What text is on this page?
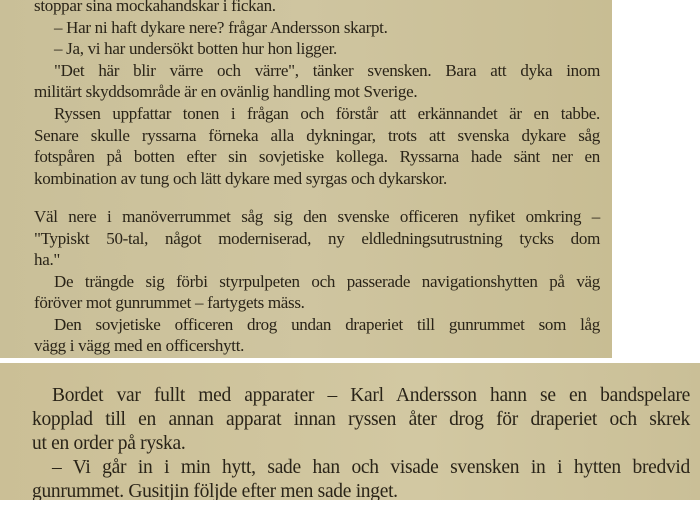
stoppar sina mockahandskar i fickan.
– Har ni haft dykare nere? frågar Andersson skarpt.
– Ja, vi har undersökt botten hur hon ligger.
"Det här blir värre och värre", tänker svensken. Bara att dyka inom
militärt skyddsområde är en ovänlig handling mot Sverige.
Ryssen uppfattar tonen i frågan och förstår att erkännandet är en tabbe.
Senare skulle ryssarna förneka alla dykningar, trots att svenska dykare såg
fotspåren på botten efter sin sovjetiske kollega. Ryssarna hade sänt ner en
kombination av tung och lätt dykare med syrgas och dykarskor.
Väl nere i manöverrummet såg sig den svenske officeren nyfiket omkring –
"Typiskt 50-tal, något moderniserad, ny eldledningsutrustning tycks dom
ha."
De trängde sig förbi styrpulpeten och passerade navigationshytten på väg
föröver mot gunrummet – fartygets mäss.
Den sovjetiske officeren drog undan draperiet till gunrummet som låg
vägg i vägg med en officershytt.
Bordet var fullt med apparater – Karl Andersson hann se en bandspelare
kopplad till en annan apparat innan ryssen åter drog för draperiet och skrek
ut en order på ryska.
– Vi går in i min hytt, sade han och visade svensken in i hytten bredvid
gunrummet. Gusitjin följde efter men sade inget.
